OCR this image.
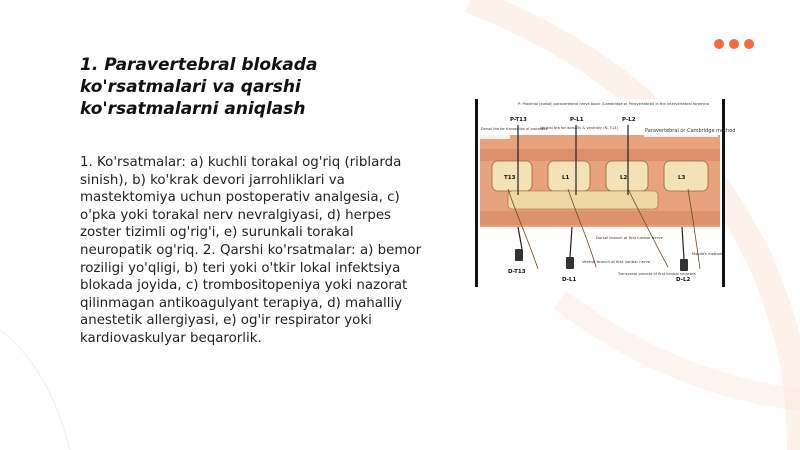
1. Paravertebral blokada ko'rsatmalari va qarshi ko'rsatmalarni aniqlash

1. Ko'rsatmalar: a) kuchli torakal og'riq (riblarda sinish), b) ko'krak devori jarrohliklari va mastektomiya uchun postoperativ analgesia, c) o'pka yoki torakal nerv nevralgiyasi, d) herpes zoster tizimli og'rig'i, e) surunkali torakal neuropatik og'riq. 2. Qarshi ko'rsatmalar: a) bemor roziligi yo'qligi, b) teri yoki o'tkir lokal infektsiya blokada joyida, c) trombositopeniya yoki nazorat qilinmagan antikoagulyant terapiya, d) mahalliy anestetik allergiyasi, e) og'ir respirator yoki kardiovaskulyar beqarorlik.

P: Proximal (costal) paravertebral nerve block (Cambridge or Paravertebral) in the intervertebral foramina
T13	L1	L2	L3
P-T13	P-L1	P-L2
D-T13
D-L1	D-L2
Dorsal line for transection of processes	Paravertebral or Cambridge method
Ventral bra for dorsally & ventrally (N. T13)
Dorsal branch of first lumbar nerve
Ventral branch of first lumbar nerve
Transverse process of first lumbar vertebra
Magda's method
